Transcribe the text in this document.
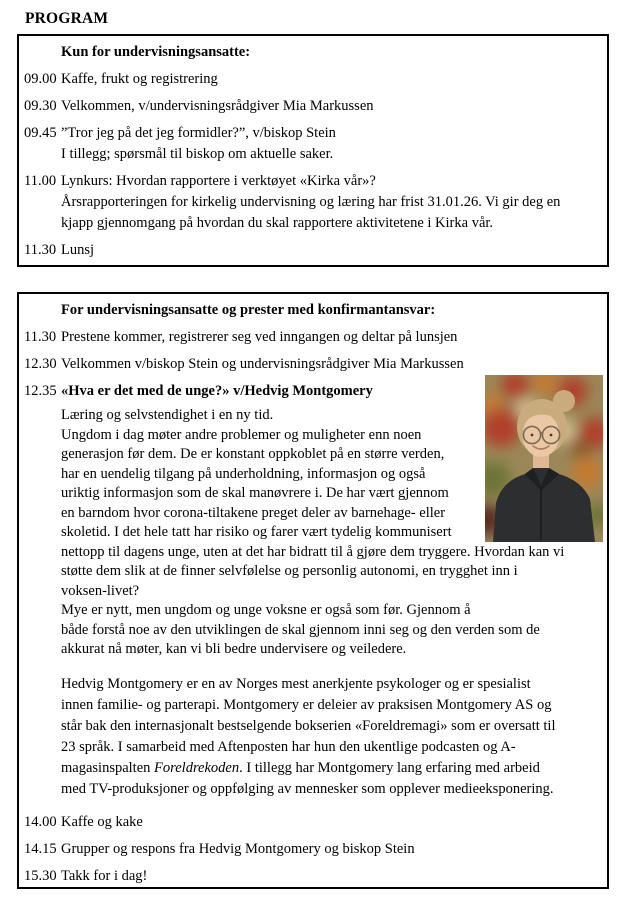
PROGRAM
Kun for undervisningsansatte:
09.00 Kaffe, frukt og registrering
09.30 Velkommen, v/undervisningsrådgiver Mia Markussen
09.45 ”Tror jeg på det jeg formidler?”, v/biskop Stein
I tillegg; spørsmål til biskop om aktuelle saker.
11.00 Lynkurs: Hvordan rapportere i verktøyet «Kirka vår»?
Årsrapporteringen for kirkelig undervisning og læring har frist 31.01.26. Vi gir deg en
kjapp gjennomgang på hvordan du skal rapportere aktivitetene i Kirka vår.
11.30 Lunsj
For undervisningsansatte og prester med konfirmantansvar:
11.30 Prestene kommer, registrerer seg ved inngangen og deltar på lunsjen
12.30 Velkommen v/biskop Stein og undervisningsrådgiver Mia Markussen
12.35 «Hva er det med de unge?» v/Hedvig Montgomery
Læring og selvstendighet i en ny tid.
Ungdom i dag møter andre problemer og muligheter enn noen
generasjon før dem. De er konstant oppkoblet på en større verden,
har en uendelig tilgang på underholdning, informasjon og også
uriktig informasjon som de skal manøvrere i. De har vært gjennom
en barndom hvor corona-tiltakene preget deler av barnehage- eller
skoletid. I det hele tatt har risiko og farer vært tydelig kommunisert
nettopp til dagens unge, uten at det har bidratt til å gjøre dem tryggere. Hvordan kan vi
støtte dem slik at de finner selvfølelse og personlig autonomi, en trygghet inn i
voksen-livet?
Mye er nytt, men ungdom og unge voksne er også som før. Gjennom å
både forstå noe av den utviklingen de skal gjennom inni seg og den verden som de
akkurat nå møter, kan vi bli bedre undervisere og veiledere.
Hedvig Montgomery er en av Norges mest anerkjente psykologer og er spesialist
innen familie- og parterapi. Montgomery er deleier av praksisen Montgomery AS og
står bak den internasjonalt bestselgende bokserien «Foreldremagi» som er oversatt til
23 språk. I samarbeid med Aftenposten har hun den ukentlige podcasten og A-
magasinspalten Foreldrekoden. I tillegg har Montgomery lang erfaring med arbeid
med TV-produksjoner og oppfølging av mennesker som opplever medieeksponering.
14.00 Kaffe og kake
14.15 Grupper og respons fra Hedvig Montgomery og biskop Stein
15.30 Takk for i dag!
